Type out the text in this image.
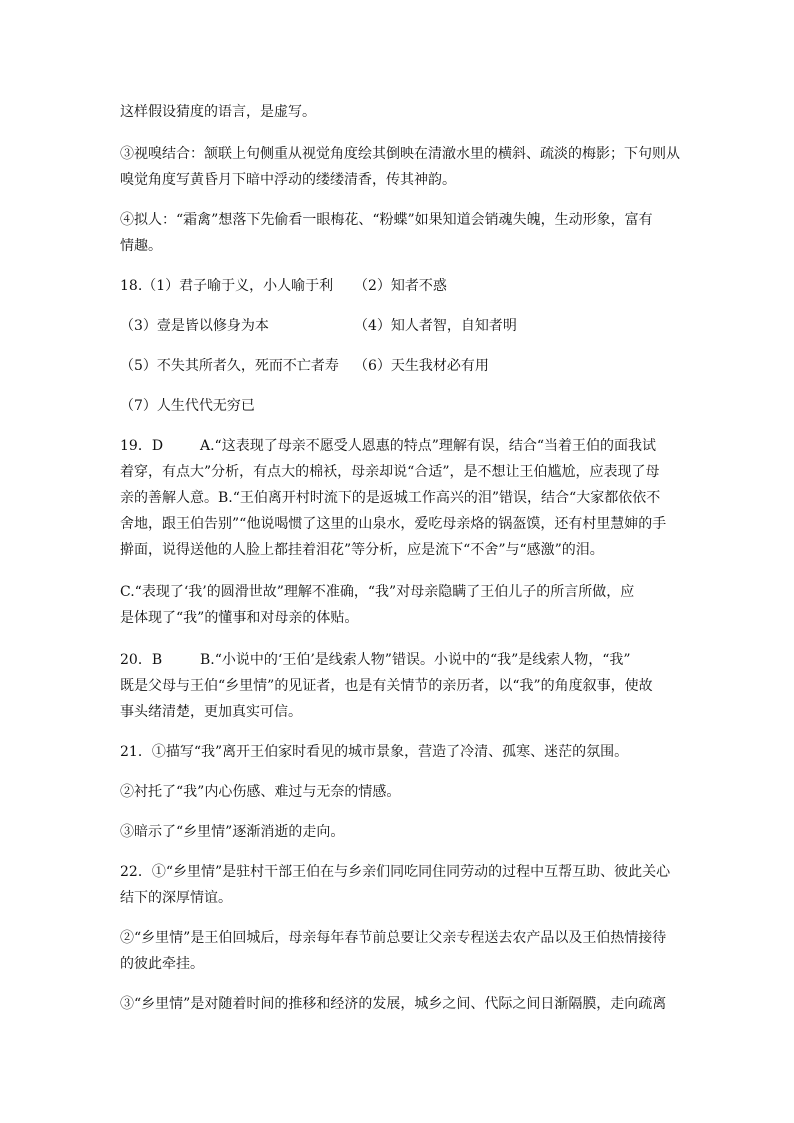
这样假设猜度的语言，是虚写。

③视嗅结合：颔联上句侧重从视觉角度绘其倒映在清澈水里的横斜、疏淡的梅影；下句则从

嗅觉角度写黄昏月下暗中浮动的缕缕清香，传其神韵。

④拟人：“霜禽”想落下先偷看一眼梅花、“粉蝶”如果知道会销魂失魄，生动形象，富有

情趣。

18.（1）君子喻于义，小人喻于利 （2）知者不惑
（3）壹是皆以修身为本	（4）知人者智，自知者明
（5）不失其所者久，死而不亡者寿 （6）天生我材必有用
（7）人生代代无穷已
19．D	A.“这表现了母亲不愿受人恩惠的特点”理解有误，结合“当着王伯的面我试

着穿，有点大”分析，有点大的棉袄，母亲却说“合适”，是不想让王伯尴尬，应表现了母

亲的善解人意。B.“王伯离开村时流下的是返城工作高兴的泪”错误，结合“大家都依依不

舍地，跟王伯告别”“他说喝惯了这里的山泉水，爱吃母亲烙的锅盔馍，还有村里慧婶的手

擀面，说得送他的人脸上都挂着泪花”等分析，应是流下“不舍”与“感激”的泪。

C.“表现了‘我’的圆滑世故”理解不准确，“我”对母亲隐瞒了王伯儿子的所言所做，应

是体现了“我”的懂事和对母亲的体贴。

20．B	B.“小说中的‘王伯’是线索人物”错误。小说中的“我”是线索人物，“我”

既是父母与王伯“乡里情”的见证者，也是有关情节的亲历者，以“我”的角度叙事，使故

事头绪清楚，更加真实可信。

21．①描写“我”离开王伯家时看见的城市景象，营造了冷清、孤寒、迷茫的氛围。

②衬托了“我”内心伤感、难过与无奈的情感。

③暗示了“乡里情”逐渐消逝的走向。

22．①“乡里情”是驻村干部王伯在与乡亲们同吃同住同劳动的过程中互帮互助、彼此关心

结下的深厚情谊。

②“乡里情”是王伯回城后，母亲每年春节前总要让父亲专程送去农产品以及王伯热情接待

的彼此牵挂。

③“乡里情”是对随着时间的推移和经济的发展，城乡之间、代际之间日渐隔膜，走向疏离
